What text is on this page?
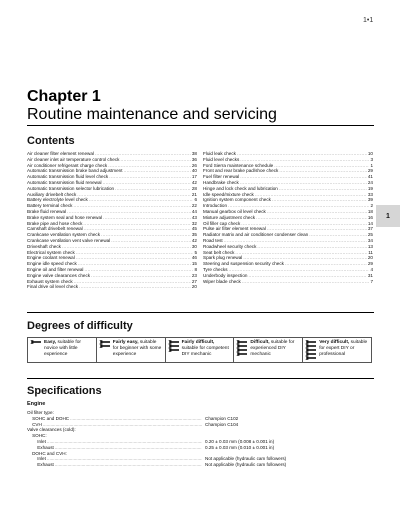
1•1
Chapter 1
Routine maintenance and servicing
Contents
Air cleaner filter element renewal .....	38
Air cleaner inlet air temperature control check .....	36
Air conditioner refrigerant charge check .....	26
Automatic transmission brake band adjustment .....	40
Automatic transmission fluid level check .....	17
Automatic transmission fluid renewal .....	42
Automatic transmission selector lubrication .....	28
Auxiliary drivebelt check .....	21
Battery electrolyte level check .....	6
Battery terminal check .....	22
Brake fluid renewal .....	44
Brake system seal and hose renewal .....	43
Brake pipe and hose check .....	32
Camshaft drivebelt renewal .....	45
Crankcase ventilation system check .....	35
Crankcase ventilation vent valve renewal .....	42
Driveshaft check .....	30
Electrical system check .....	5
Engine coolant renewal .....	46
Engine idle speed check .....	15
Engine oil and filter renewal .....	8
Engine valve clearances check .....	23
Exhaust system check .....	27
Final drive oil level check .....	20
Fluid leak check .....	10
Fluid level checks .....	3
Ford Sierra maintenance schedule .....	1
Front and rear brake pad/shoe check .....	29
Fuel filter renewal .....	41
Handbrake check .....	24
Hinge and lock check and lubrication .....	19
Idle speed/mixture check .....	33
Ignition system component check .....	39
Introduction .....	2
Manual gearbox oil level check .....	18
Mixture adjustment check .....	16
Oil filler cap check .....	14
Pulse air filter element renewal .....	37
Radiator matrix and air conditioner condenser clean .....	25
Road test .....	34
Roadwheel security check .....	13
Seat belt check .....	11
Spark plug renewal .....	20
Steering and suspension security check .....	29
Tyre checks .....	4
Underbody inspection .....	31
Wiper blade check .....	7
1
Degrees of difficulty
Easy, suitable for novice with little experience
Fairly easy, suitable for beginner with some experience
Fairly difficult, suitable for competent DIY mechanic
Difficult, suitable for experienced DIY mechanic
Very difficult, suitable for expert DIY or professional
Specifications
Engine
Oil filter type:
SOHC and DOHC .....	Champion C102
CVH .....	Champion C104
Valve clearances (cold):
SOHC:
Inlet .....	0.20 ± 0.03 mm (0.008 ± 0.001 in)
Exhaust .....	0.25 ± 0.03 mm (0.010 ± 0.001 in)
DOHC and CVH:
Inlet .....	Not applicable (hydraulic cam followers)
Exhaust .....	Not applicable (hydraulic cam followers)
